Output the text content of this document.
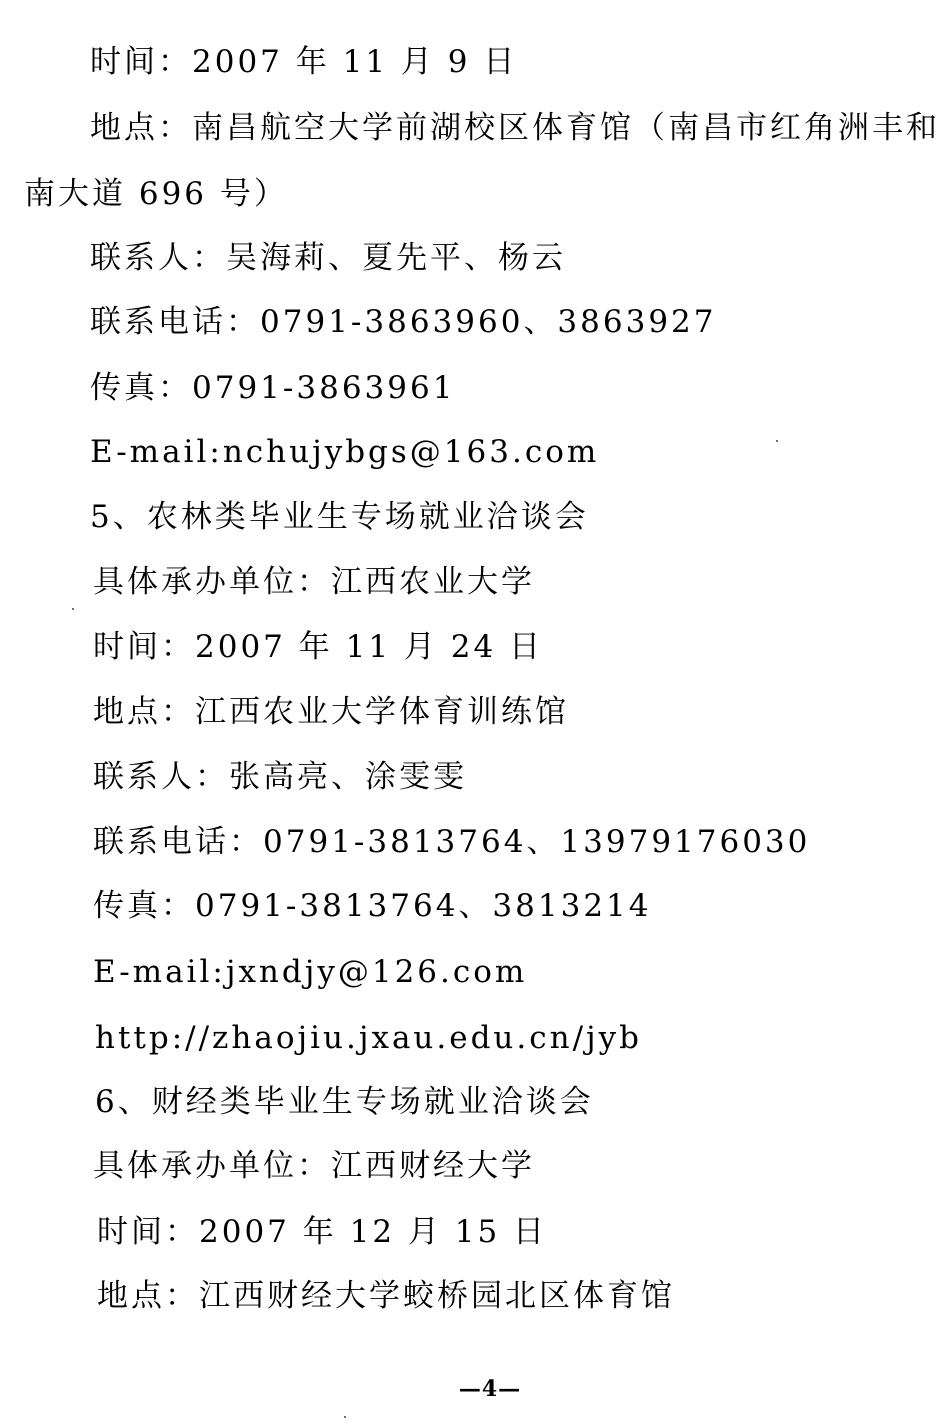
时间：2007 年 11 月 9 日
地点：南昌航空大学前湖校区体育馆（南昌市红角洲丰和
南大道 696 号）
联系人：吴海莉、夏先平、杨云
联系电话：0791-3863960、3863927
传真：0791-3863961
E-mail:nchujybgs@163.com
5、农林类毕业生专场就业洽谈会
具体承办单位：江西农业大学
时间：2007 年 11 月 24 日
地点：江西农业大学体育训练馆
联系人：张高亮、涂雯雯
联系电话：0791-3813764、13979176030
传真：0791-3813764、3813214
E-mail:jxndjy@126.com
http://zhaojiu.jxau.edu.cn/jyb
6、财经类毕业生专场就业洽谈会
具体承办单位：江西财经大学
时间：2007 年 12 月 15 日
地点：江西财经大学蛟桥园北区体育馆
—4—
